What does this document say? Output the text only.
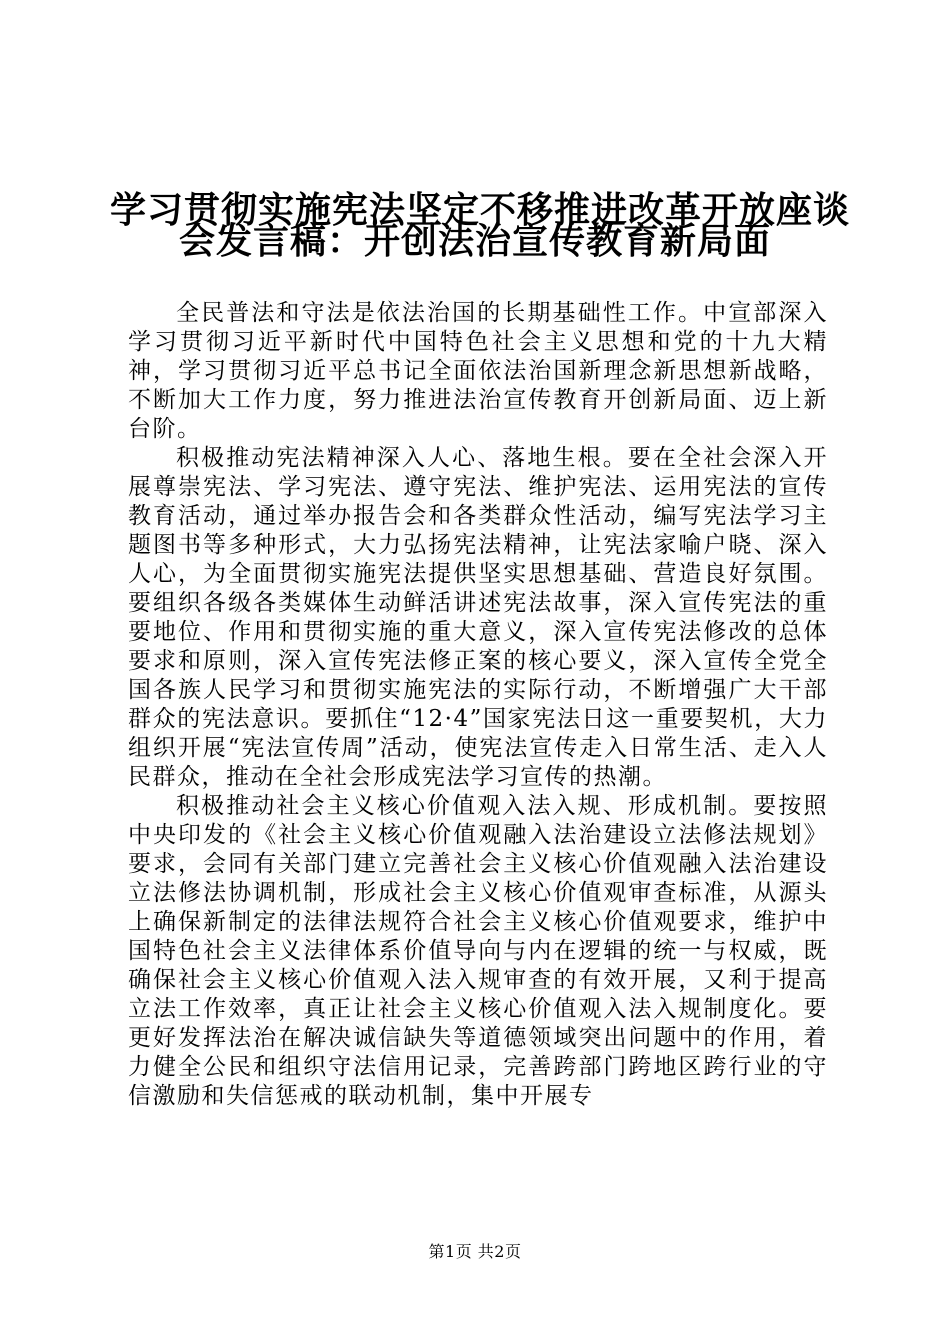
学习贯彻实施宪法坚定不移推进改革开放座谈
会发言稿：开创法治宣传教育新局面

全民普法和守法是依法治国的长期基础性工作。中宣部深入学习贯彻习近平新时代中国特色社会主义思想和党的十九大精神，学习贯彻习近平总书记全面依法治国新理念新思想新战略，不断加大工作力度，努力推进法治宣传教育开创新局面、迈上新台阶。

积极推动宪法精神深入人心、落地生根。要在全社会深入开展尊崇宪法、学习宪法、遵守宪法、维护宪法、运用宪法的宣传教育活动，通过举办报告会和各类群众性活动，编写宪法学习主题图书等多种形式，大力弘扬宪法精神，让宪法家喻户晓、深入人心，为全面贯彻实施宪法提供坚实思想基础、营造良好氛围。要组织各级各类媒体生动鲜活讲述宪法故事，深入宣传宪法的重要地位、作用和贯彻实施的重大意义，深入宣传宪法修改的总体要求和原则，深入宣传宪法修正案的核心要义，深入宣传全党全国各族人民学习和贯彻实施宪法的实际行动，不断增强广大干部群众的宪法意识。要抓住“12·4”国家宪法日这一重要契机，大力组织开展“宪法宣传周”活动，使宪法宣传走入日常生活、走入人民群众，推动在全社会形成宪法学习宣传的热潮。

积极推动社会主义核心价值观入法入规、形成机制。要按照中央印发的《社会主义核心价值观融入法治建设立法修法规划》要求，会同有关部门建立完善社会主义核心价值观融入法治建设立法修法协调机制，形成社会主义核心价值观审查标准，从源头上确保新制定的法律法规符合社会主义核心价值观要求，维护中国特色社会主义法律体系价值导向与内在逻辑的统一与权威，既确保社会主义核心价值观入法入规审查的有效开展，又利于提高立法工作效率，真正让社会主义核心价值观入法入规制度化。要更好发挥法治在解决诚信缺失等道德领域突出问题中的作用，着力健全公民和组织守法信用记录，完善跨部门跨地区跨行业的守信激励和失信惩戒的联动机制，集中开展专

第1页 共2页
